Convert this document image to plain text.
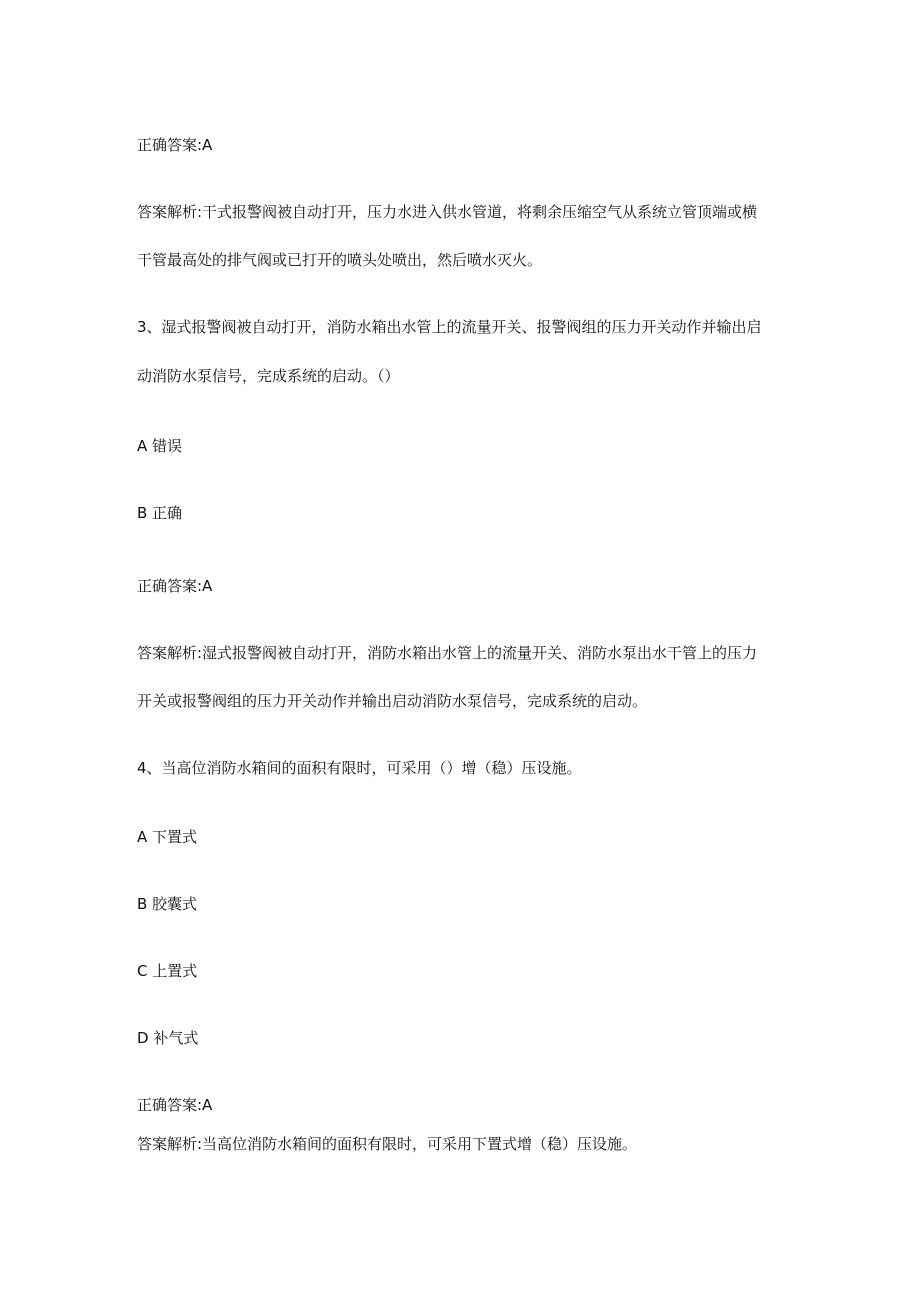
正确答案:A
答案解析:干式报警阀被自动打开，压力水进入供水管道，将剩余压缩空气从系统立管顶端或横
干管最高处的排气阀或已打开的喷头处喷出，然后喷水灭火。
3、湿式报警阀被自动打开，消防水箱出水管上的流量开关、报警阀组的压力开关动作并输出启
动消防水泵信号，完成系统的启动。（）
A 错误
B 正确
正确答案:A
答案解析:湿式报警阀被自动打开，消防水箱出水管上的流量开关、消防水泵出水干管上的压力
开关或报警阀组的压力开关动作并输出启动消防水泵信号，完成系统的启动。
4、当高位消防水箱间的面积有限时，可采用（）增（稳）压设施。
A 下置式
B 胶囊式
C 上置式
D 补气式
正确答案:A
答案解析:当高位消防水箱间的面积有限时，可采用下置式增（稳）压设施。
